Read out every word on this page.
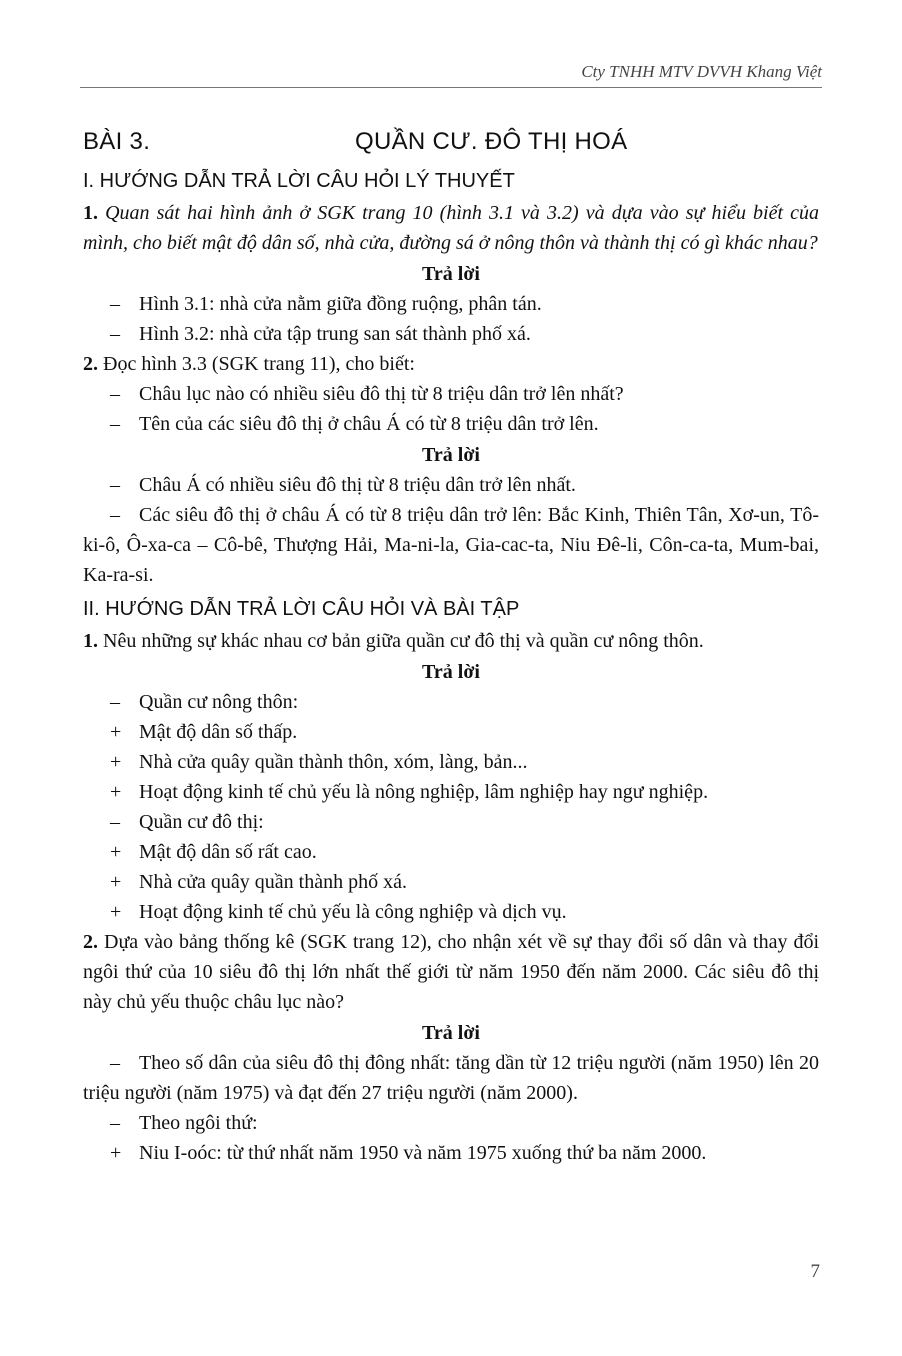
Cty TNHH MTV DVVH Khang Việt
BÀI 3.	QUẦN CƯ. ĐÔ THỊ HOÁ
I. HƯỚNG DẪN TRẢ LỜI CÂU HỎI LÝ THUYẾT

1. Quan sát hai hình ảnh ở SGK trang 10 (hình 3.1 và 3.2) và dựa vào sự hiểu biết của mình, cho biết mật độ dân số, nhà cửa, đường sá ở nông thôn và thành thị có gì khác nhau?

Trả lời

– Hình 3.1: nhà cửa nằm giữa đồng ruộng, phân tán.

– Hình 3.2: nhà cửa tập trung san sát thành phố xá.

2. Đọc hình 3.3 (SGK trang 11), cho biết:

– Châu lục nào có nhiều siêu đô thị từ 8 triệu dân trở lên nhất?

– Tên của các siêu đô thị ở châu Á có từ 8 triệu dân trở lên.

Trả lời

– Châu Á có nhiều siêu đô thị từ 8 triệu dân trở lên nhất.

– Các siêu đô thị ở châu Á có từ 8 triệu dân trở lên: Bắc Kinh, Thiên Tân, Xơ-un, Tô-ki-ô, Ô-xa-ca – Cô-bê, Thượng Hải, Ma-ni-la, Gia-cac-ta, Niu Đê-li, Côn-ca-ta, Mum-bai, Ka-ra-si.

II. HƯỚNG DẪN TRẢ LỜI CÂU HỎI VÀ BÀI TẬP

1. Nêu những sự khác nhau cơ bản giữa quần cư đô thị và quần cư nông thôn.

Trả lời

– Quần cư nông thôn:

+ Mật độ dân số thấp.

+ Nhà cửa quây quần thành thôn, xóm, làng, bản...

+ Hoạt động kinh tế chủ yếu là nông nghiệp, lâm nghiệp hay ngư nghiệp.

– Quần cư đô thị:

+ Mật độ dân số rất cao.

+ Nhà cửa quây quần thành phố xá.

+ Hoạt động kinh tế chủ yếu là công nghiệp và dịch vụ.

2. Dựa vào bảng thống kê (SGK trang 12), cho nhận xét về sự thay đổi số dân và thay đổi ngôi thứ của 10 siêu đô thị lớn nhất thế giới từ năm 1950 đến năm 2000. Các siêu đô thị này chủ yếu thuộc châu lục nào?

Trả lời

– Theo số dân của siêu đô thị đông nhất: tăng dần từ 12 triệu người (năm 1950) lên 20 triệu người (năm 1975) và đạt đến 27 triệu người (năm 2000).

– Theo ngôi thứ:

+ Niu I-oóc: từ thứ nhất năm 1950 và năm 1975 xuống thứ ba năm 2000.

7
